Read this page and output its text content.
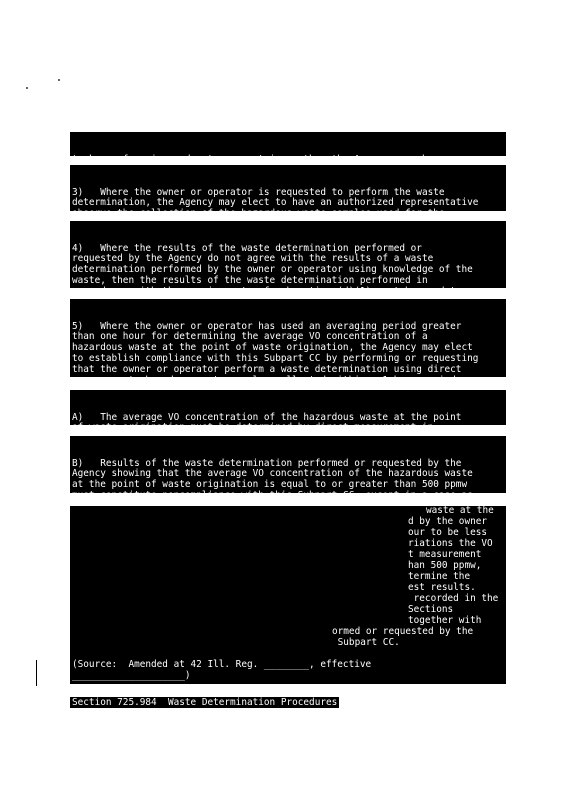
tank, surface impoundment, or container, then the Agency may choose an

3)   Where the owner or operator is requested to perform the waste
determination, the Agency may elect to have an authorized representative
observe the collection of the hazardous waste samples used for the

4)   Where the results of the waste determination performed or
requested by the Agency do not agree with the results of a waste
determination performed by the owner or operator using knowledge of the
waste, then the results of the waste determination performed in
accordance with the requirements of subsection (d)(1) must be used to

5)   Where the owner or operator has used an averaging period greater
than one hour for determining the average VO concentration of a
hazardous waste at the point of waste origination, the Agency may elect
to establish compliance with this Subpart CC by performing or requesting
that the owner or operator perform a waste determination using direct
measurement, based on waste samples collected within a 1-hour period, as

A)   The average VO concentration of the hazardous waste at the point
of waste origination must be determined by direct measurement in

B)   Results of the waste determination performed or requested by the
Agency showing that the average VO concentration of the hazardous waste
at the point of waste origination is equal to or greater than 500 ppmw
must constitute noncompliance with this Subpart CC, except in a case as

waste at the
d by the owner
our to be less
riations the VO
t measurement
han 500 ppmw,
termine the
est results.
recorded in the
Sections
together with
ormed or requested by the
Subpart CC.
(Source:  Amended at 42 Ill. Reg. ________, effective
____________________)
Section 725.984  Waste Determination Procedures
